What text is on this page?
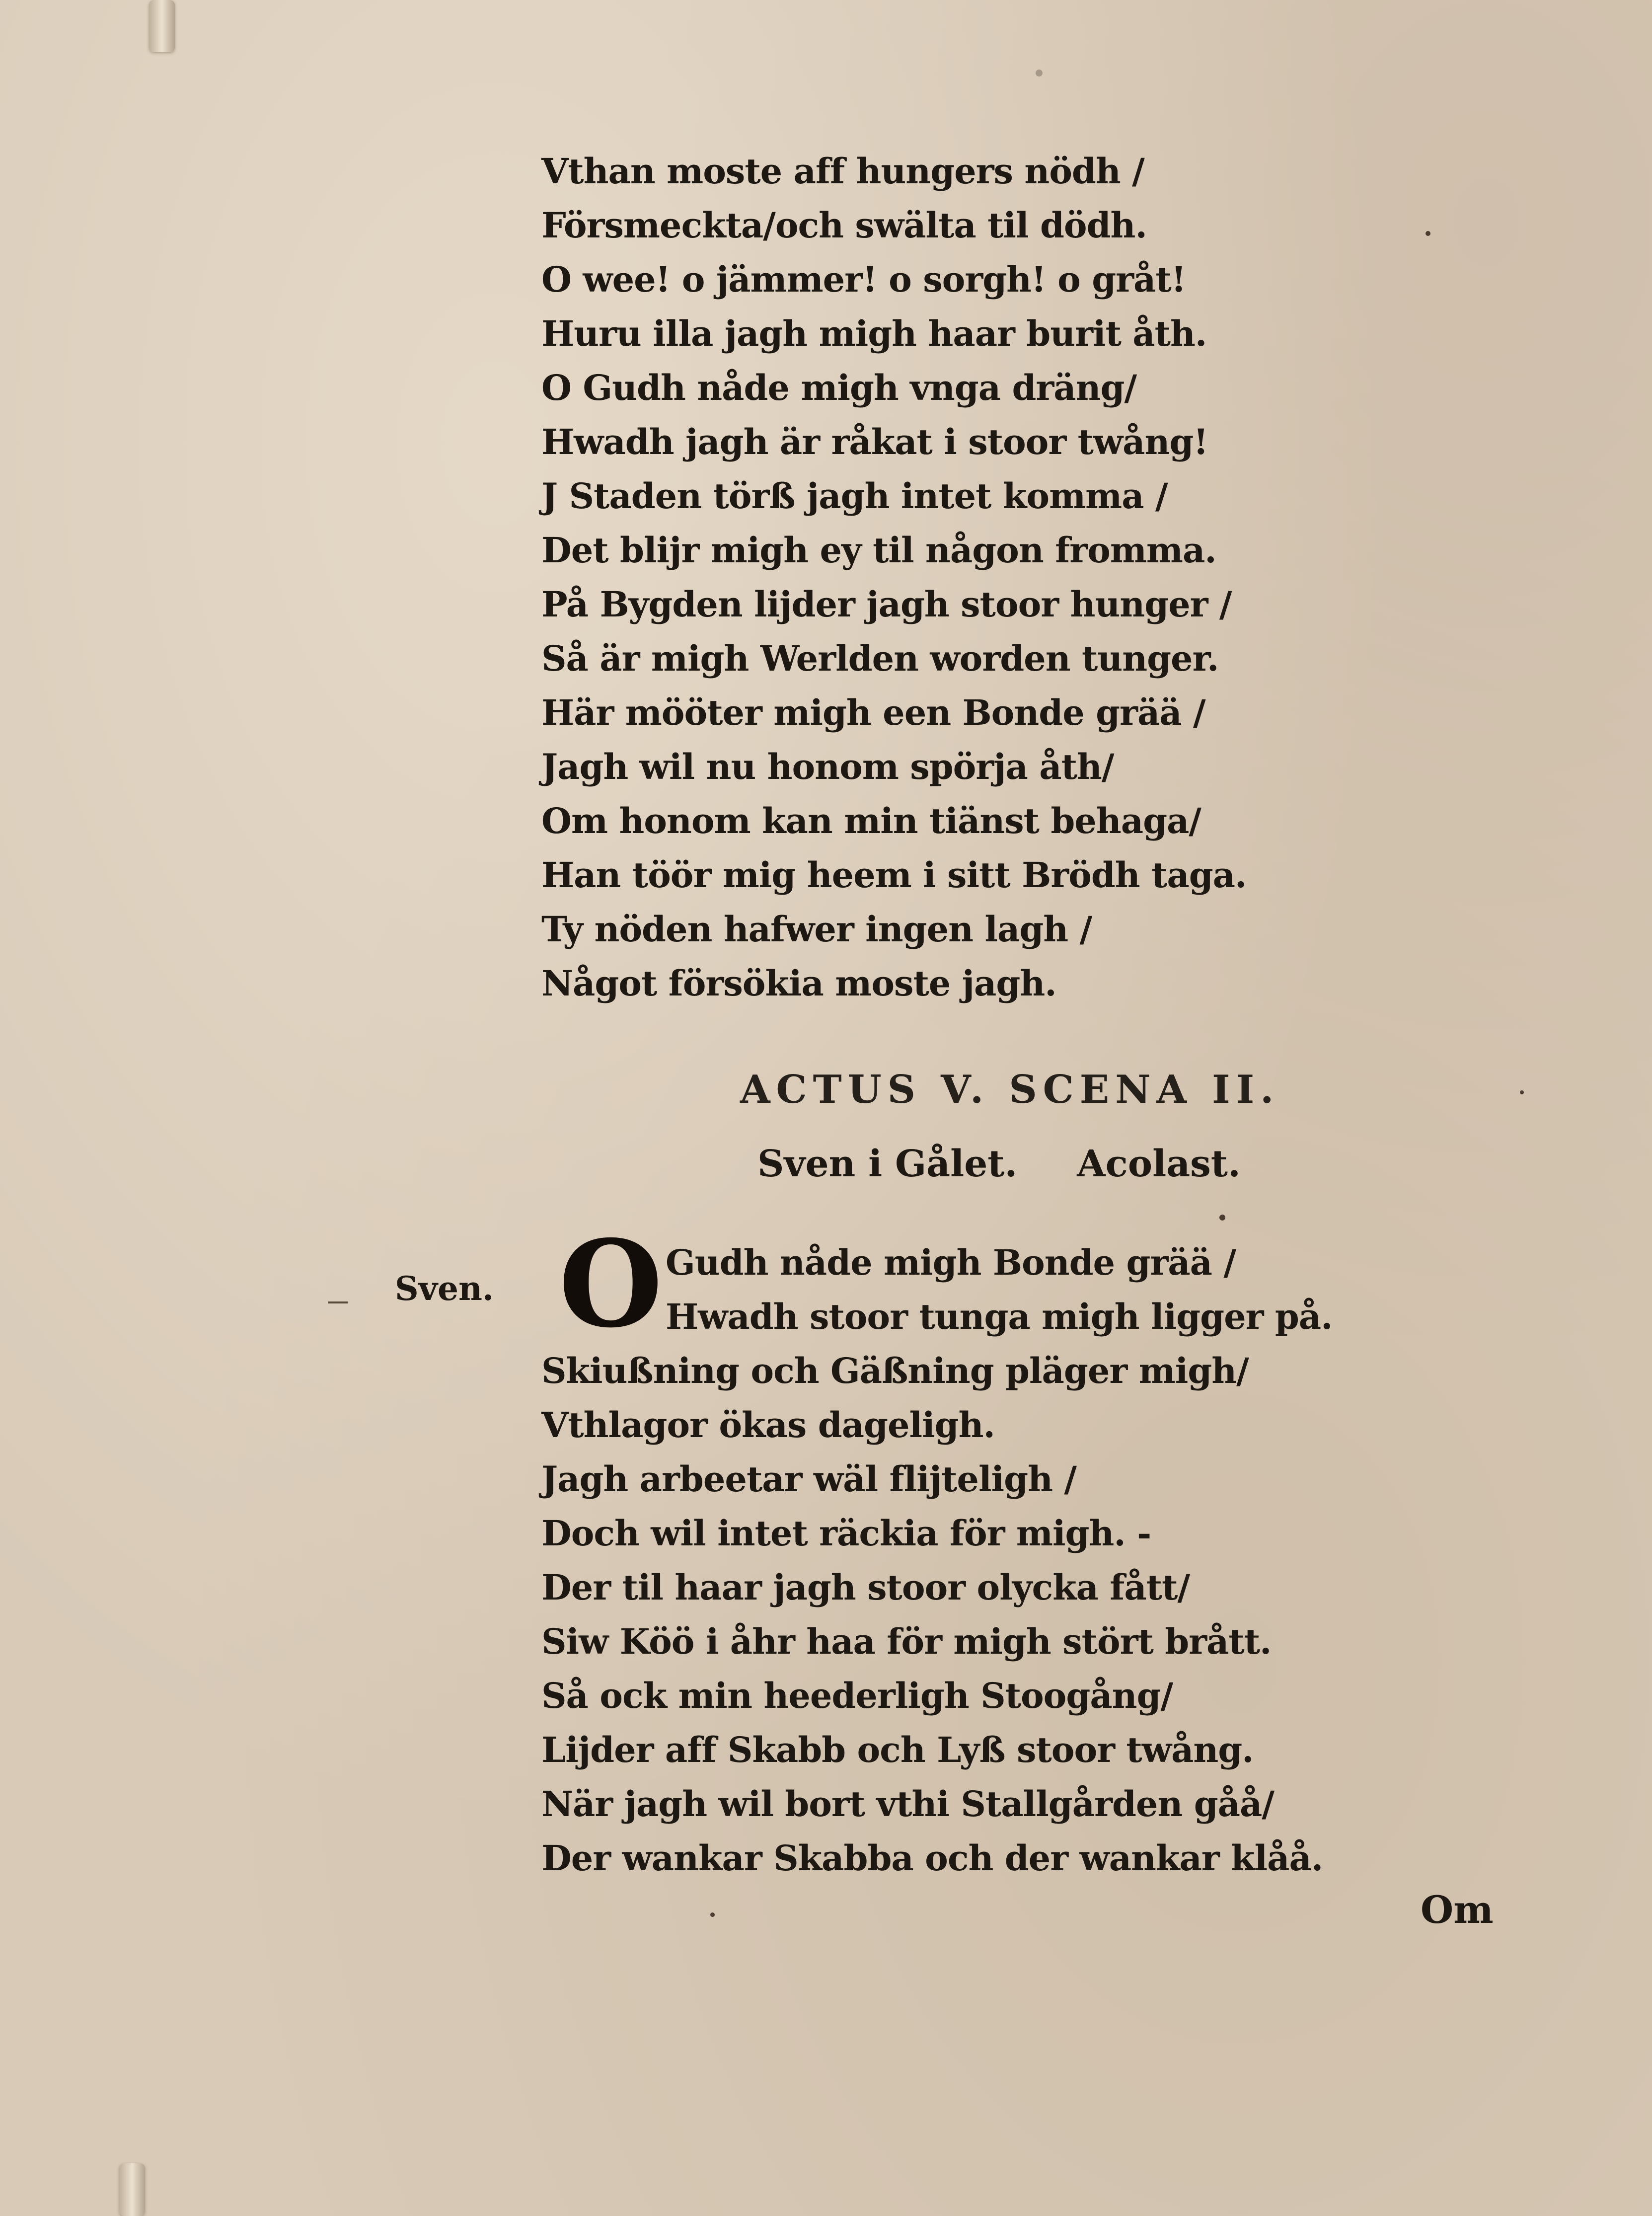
Vthan moste aff hungers nödh /
Försmeckta/och swälta til dödh.
O wee! o jämmer! o sorgh! o gråt!
Huru illa jagh migh haar burit åth.
O Gudh nåde migh vnga dräng/
Hwadh jagh är råkat i stoor twång!
J Staden törß jagh intet komma /
Det blijr migh ey til någon fromma.
På Bygden lijder jagh stoor hunger /
Så är migh Werlden worden tunger.
Här mööter migh een Bonde grää /
Jagh wil nu honom spörja åth/
Om honom kan min tiänst behaga/
Han töör mig heem i sitt Brödh taga.
Ty nöden hafwer ingen lagh /
Något försökia moste jagh.
ACTUS V. SCENA II.
Sven i Gålet. Acolast.
Sven. O Gudh nåde migh Bonde grää /
Hwadh stoor tunga migh ligger på.
Skiußning och Gäßning pläger migh/
Vthlagor ökas dageligh.
Jagh arbeetar wäl flijteligh /
Doch wil intet räckia för migh. -
Der til haar jagh stoor olycka fått/
Siw Köö i åhr haa för migh stört brått.
Så ock min heederligh Stoogång/
Lijder aff Skabb och Lyß stoor twång.
När jagh wil bort vthi Stallgården gåå/
Der wankar Skabba och der wankar klåå.
Om
